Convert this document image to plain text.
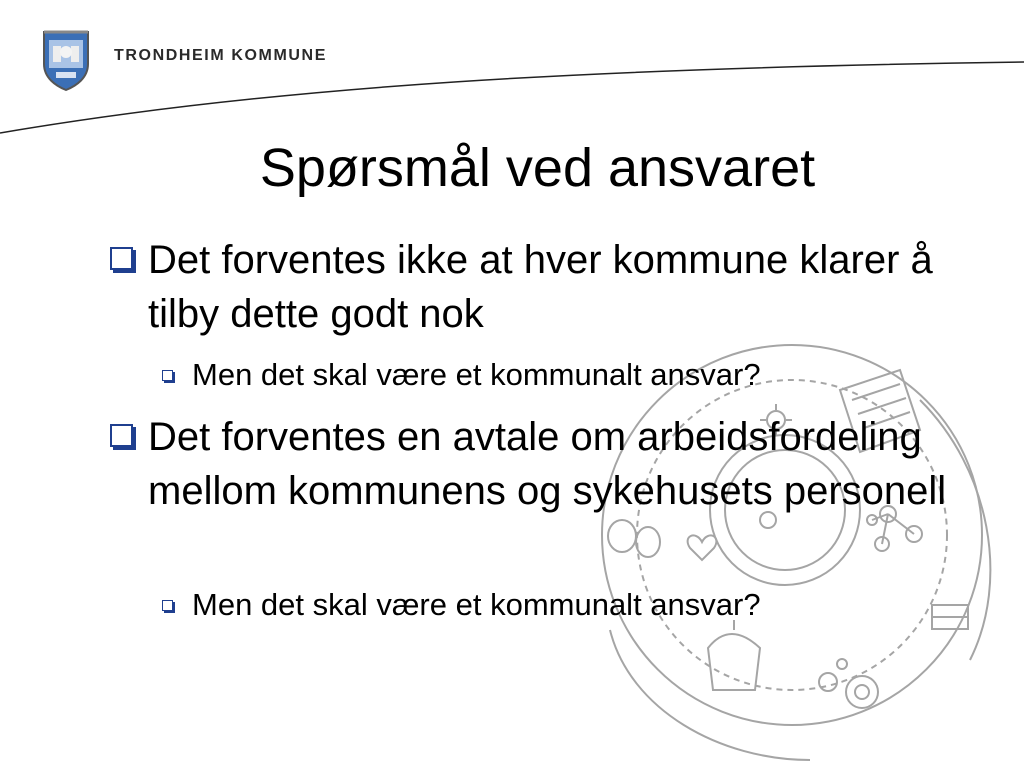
TRONDHEIM KOMMUNE
Spørsmål ved ansvaret
Det forventes ikke at hver kommune klarer å tilby dette godt nok
Men det skal være et kommunalt ansvar?
Det forventes en avtale om arbeidsfordeling mellom kommunens og sykehusets personell
Men det skal være et kommunalt ansvar?
